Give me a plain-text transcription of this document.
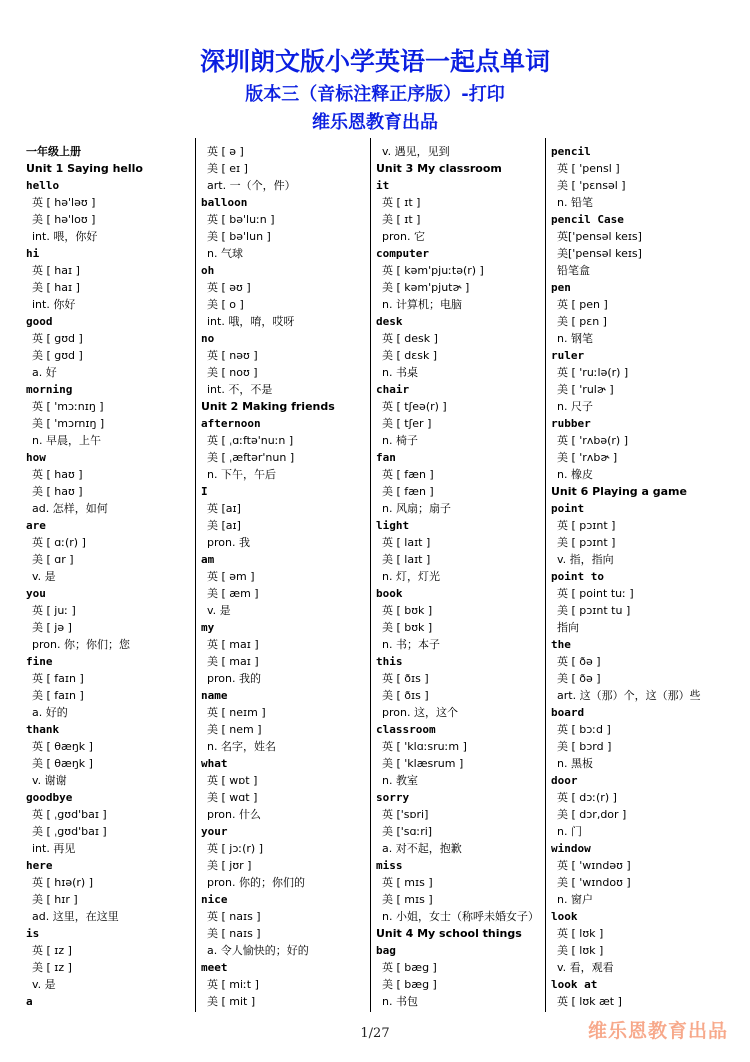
深圳朗文版小学英语一起点单词
版本三（音标注释正序版）-打印
维乐恩教育出品
一年级上册
Unit 1 Saying hello
hello
英 [ hə'ləʊ ]
美 [ hə'loʊ ]
int. 喂，你好
hi
英 [ haɪ ]
美 [ haɪ ]
int. 你好
good
英 [ gʊd ]
美 [ gʊd ]
a. 好
morning
英 [ 'mɔːnɪŋ ]
美 [ 'mɔrnɪŋ ]
n. 早晨，上午
how
英 [ haʊ ]
美 [ haʊ ]
ad. 怎样，如何
are
英 [ ɑː(r) ]
美 [ ɑr ]
v. 是
you
英 [ juː ]
美 [ jə ]
pron. 你；你们；您
fine
英 [ faɪn ]
美 [ faɪn ]
a. 好的
thank
英 [ θæŋk ]
美 [ θæŋk ]
v. 谢谢
goodbye
英 [ ˌgʊd'baɪ ]
美 [ ˌgʊd'baɪ ]
int. 再见
here
英 [ hɪə(r) ]
美 [ hɪr ]
ad. 这里，在这里
is
英 [ ɪz ]
美 [ ɪz ]
v. 是
a
英 [ ə ]
美 [ eɪ ]
art. 一（个，件）
balloon
英 [ bə'luːn ]
美 [ bə'lun ]
n. 气球
oh
英 [ əʊ ]
美 [ o ]
int. 哦，唷，哎呀
no
英 [ nəʊ ]
美 [ noʊ ]
int. 不，不是
Unit 2 Making friends
afternoon
英 [ ˌɑːftə'nuːn ]
美 [ ˌæftər'nun ]
n. 下午，午后
I
英 [aɪ]
美 [aɪ]
pron. 我
am
英 [ əm ]
美 [ æm ]
v. 是
my
英 [ maɪ ]
美 [ maɪ ]
pron. 我的
name
英 [ neɪm ]
美 [ nem ]
n. 名字，姓名
what
英 [ wɒt ]
美 [ wɑt ]
pron. 什么
your
英 [ jɔː(r) ]
美 [ jʊr ]
pron. 你的；你们的
nice
英 [ naɪs ]
美 [ naɪs ]
a. 令人愉快的；好的
meet
英 [ miːt ]
美 [ mit ]
v. 遇见，见到
Unit 3 My classroom
it
英 [ ɪt ]
美 [ ɪt ]
pron. 它
computer
英 [ kəm'pjuːtə(r) ]
美 [ kəm'pjutɚ ]
n. 计算机；电脑
desk
英 [ desk ]
美 [ dɛsk ]
n. 书桌
chair
英 [ tʃeə(r) ]
美 [ tʃer ]
n. 椅子
fan
英 [ fæn ]
美 [ fæn ]
n. 风扇；扇子
light
英 [ laɪt ]
美 [ laɪt ]
n. 灯，灯光
book
英 [ bʊk ]
美 [ bʊk ]
n. 书；本子
this
英 [ ðɪs ]
美 [ ðɪs ]
pron. 这，这个
classroom
英 [ 'klɑːsruːm ]
美 [ 'klæsrum ]
n. 教室
sorry
英 ['sɒri]
美 ['sɑːri]
a. 对不起，抱歉
miss
英 [ mɪs ]
美 [ mɪs ]
n. 小姐，女士（称呼未婚女子）
Unit 4 My school things
bag
英 [ bæg ]
美 [ bæg ]
n. 书包
pencil
英 [ 'pensl ]
美 [ 'pɛnsəl ]
n. 铅笔
pencil Case
英['pensəl keɪs]
美['pensəl keɪs]
铅笔盒
pen
英 [ pen ]
美 [ pɛn ]
n. 钢笔
ruler
英 [ 'ruːlə(r) ]
美 [ 'rulɚ ]
n. 尺子
rubber
英 [ 'rʌbə(r) ]
美 [ 'rʌbɚ ]
n. 橡皮
Unit 6 Playing a game
point
英 [ pɔɪnt ]
美 [ pɔɪnt ]
v. 指，指向
point to
英 [ point tuː ]
美 [ pɔɪnt tu ]
指向
the
英 [ ðə ]
美 [ ðə ]
art. 这（那）个，这（那）些
board
英 [ bɔːd ]
美 [ bɔrd ]
n. 黑板
door
英 [ dɔː(r) ]
美 [ dɔr,dor ]
n. 门
window
英 [ 'wɪndəʊ ]
美 [ 'wɪndoʊ ]
n. 窗户
look
英 [ lʊk ]
美 [ lʊk ]
v. 看，观看
look at
英 [ lʊk æt ]
1/27	维乐恩教育出品
